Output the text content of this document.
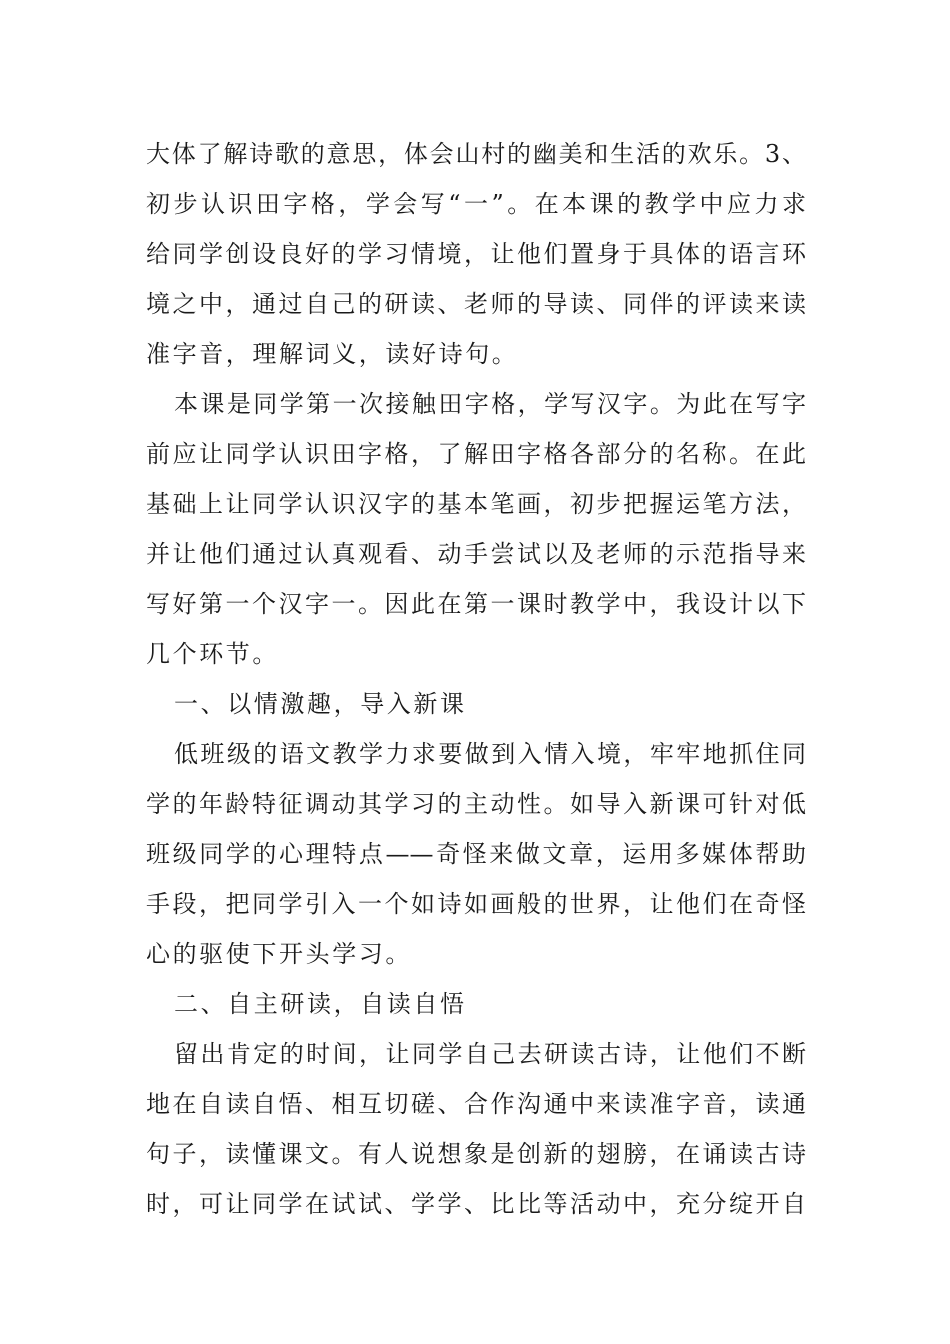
大体了解诗歌的意思，体会山村的幽美和生活的欢乐。3、
初步认识田字格，学会写“一”。在本课的教学中应力求
给同学创设良好的学习情境，让他们置身于具体的语言环
境之中，通过自己的研读、老师的导读、同伴的评读来读
准字音，理解词义，读好诗句。
本课是同学第一次接触田字格，学写汉字。为此在写字
前应让同学认识田字格，了解田字格各部分的名称。在此
基础上让同学认识汉字的基本笔画，初步把握运笔方法，
并让他们通过认真观看、动手尝试以及老师的示范指导来
写好第一个汉字一。因此在第一课时教学中，我设计以下
几个环节。
一、以情激趣，导入新课
低班级的语文教学力求要做到入情入境，牢牢地抓住同
学的年龄特征调动其学习的主动性。如导入新课可针对低
班级同学的心理特点——奇怪来做文章，运用多媒体帮助
手段，把同学引入一个如诗如画般的世界，让他们在奇怪
心的驱使下开头学习。
二、自主研读，自读自悟
留出肯定的时间，让同学自己去研读古诗，让他们不断
地在自读自悟、相互切磋、合作沟通中来读准字音，读通
句子，读懂课文。有人说想象是创新的翅膀，在诵读古诗
时，可让同学在试试、学学、比比等活动中，充分绽开自
